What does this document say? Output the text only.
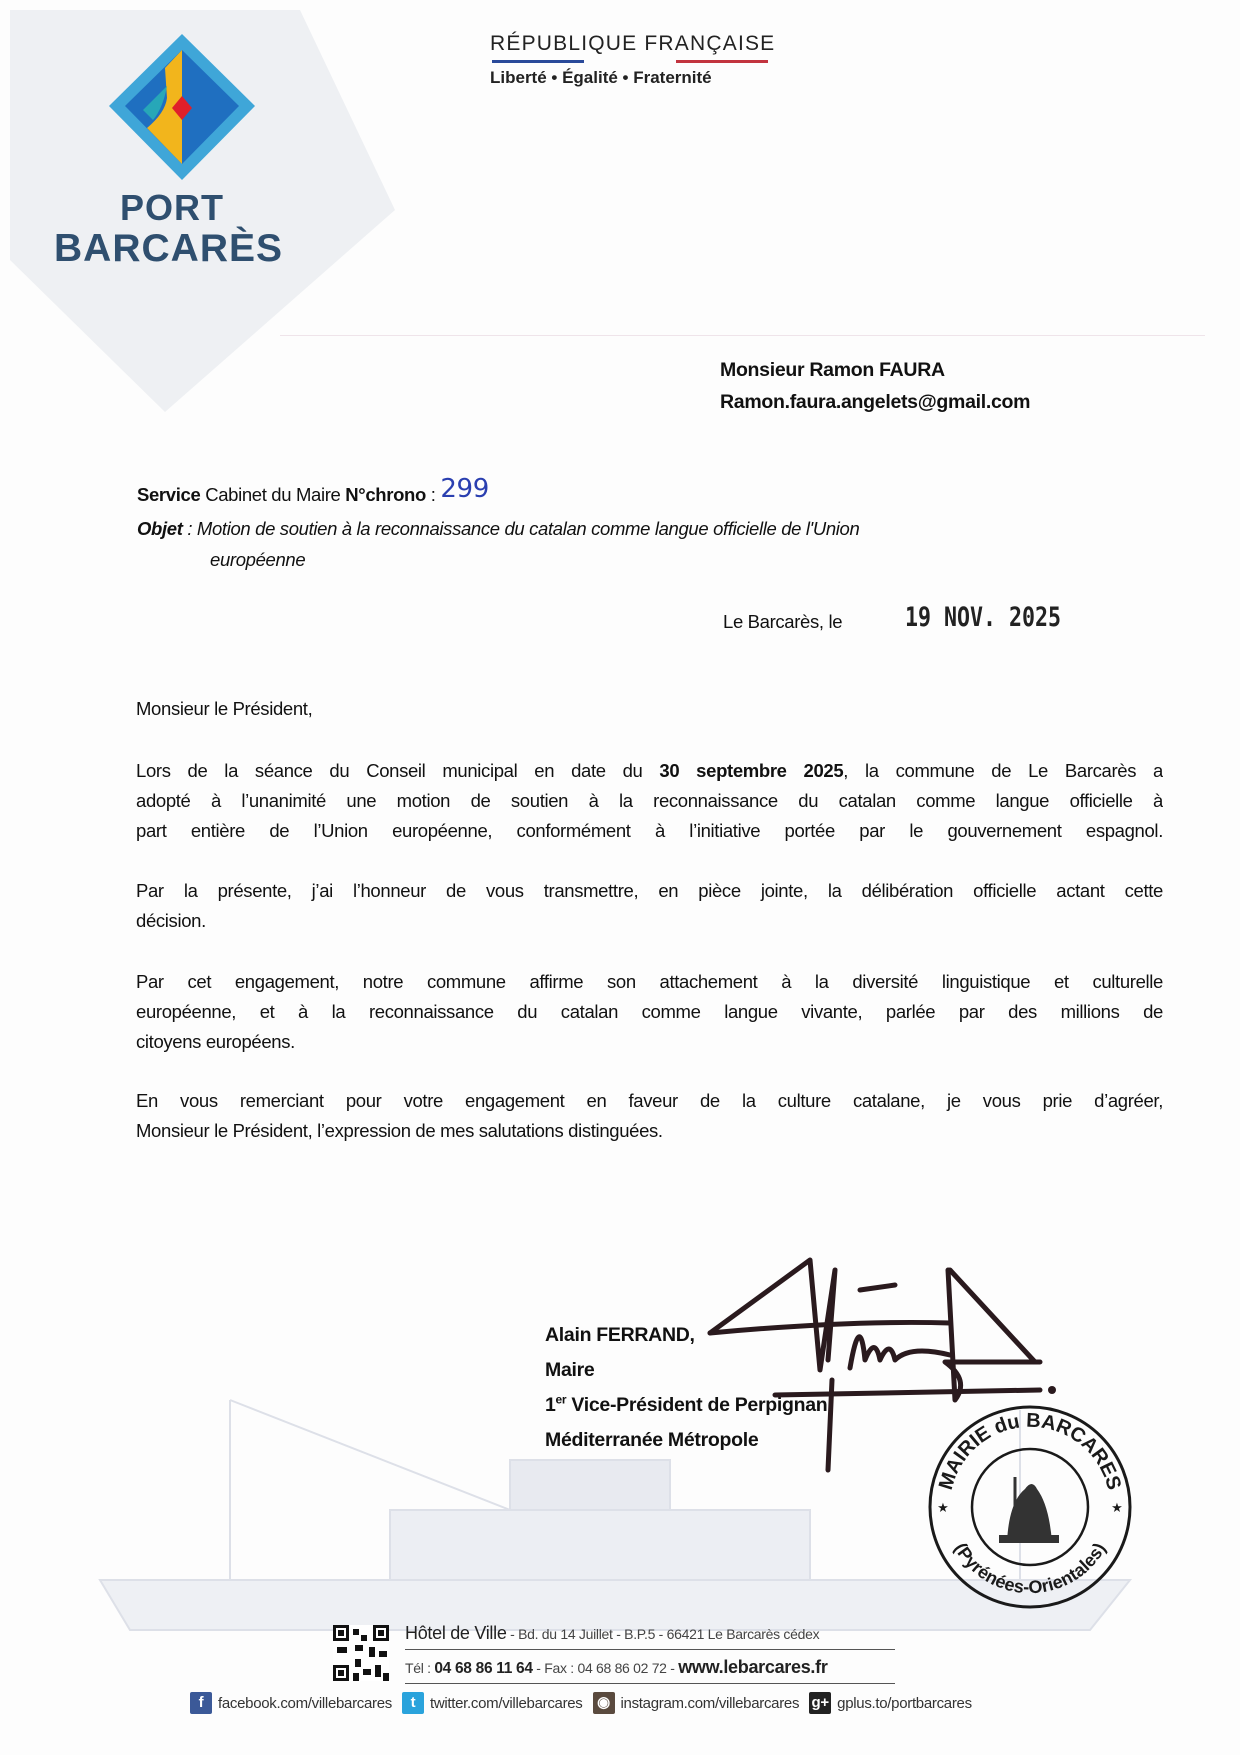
PORT
BARCARÈS
RÉPUBLIQUE FRANÇAISE
Liberté • Égalité • Fraternité
Monsieur Ramon FAURA
Ramon.faura.angelets@gmail.com
Service Cabinet du Maire N°chrono : 299
Objet : Motion de soutien à la reconnaissance du catalan comme langue officielle de l'Union
européenne
Le Barcarès, le 19 NOV. 2025
Monsieur le Président,
Lors de la séance du Conseil municipal en date du 30 septembre 2025, la commune de Le Barcarès a
adopté à l’unanimité une motion de soutien à la reconnaissance du catalan comme langue officielle à
part entière de l’Union européenne, conformément à l’initiative portée par le gouvernement espagnol.
Par la présente, j’ai l’honneur de vous transmettre, en pièce jointe, la délibération officielle actant cette
décision.
Par cet engagement, notre commune affirme son attachement à la diversité linguistique et culturelle
européenne, et à la reconnaissance du catalan comme langue vivante, parlée par des millions de
citoyens européens.
En vous remerciant pour votre engagement en faveur de la culture catalane, je vous prie d’agréer,
Monsieur le Président, l’expression de mes salutations distinguées.
Alain FERRAND,
Maire
1er Vice-Président de Perpignan
Méditerranée Métropole
MAIRIE du BARCARES
(Pyrénées-Orientales)
★	★
Hôtel de Ville - Bd. du 14 Juillet - B.P.5 - 66421 Le Barcarès cédex
Tél : 04 68 86 11 64 - Fax : 04 68 86 02 72 - www.lebarcares.fr
f facebook.com/villebarcares	t twitter.com/villebarcares ◉ instagram.com/villebarcares g+ gplus.to/portbarcares
